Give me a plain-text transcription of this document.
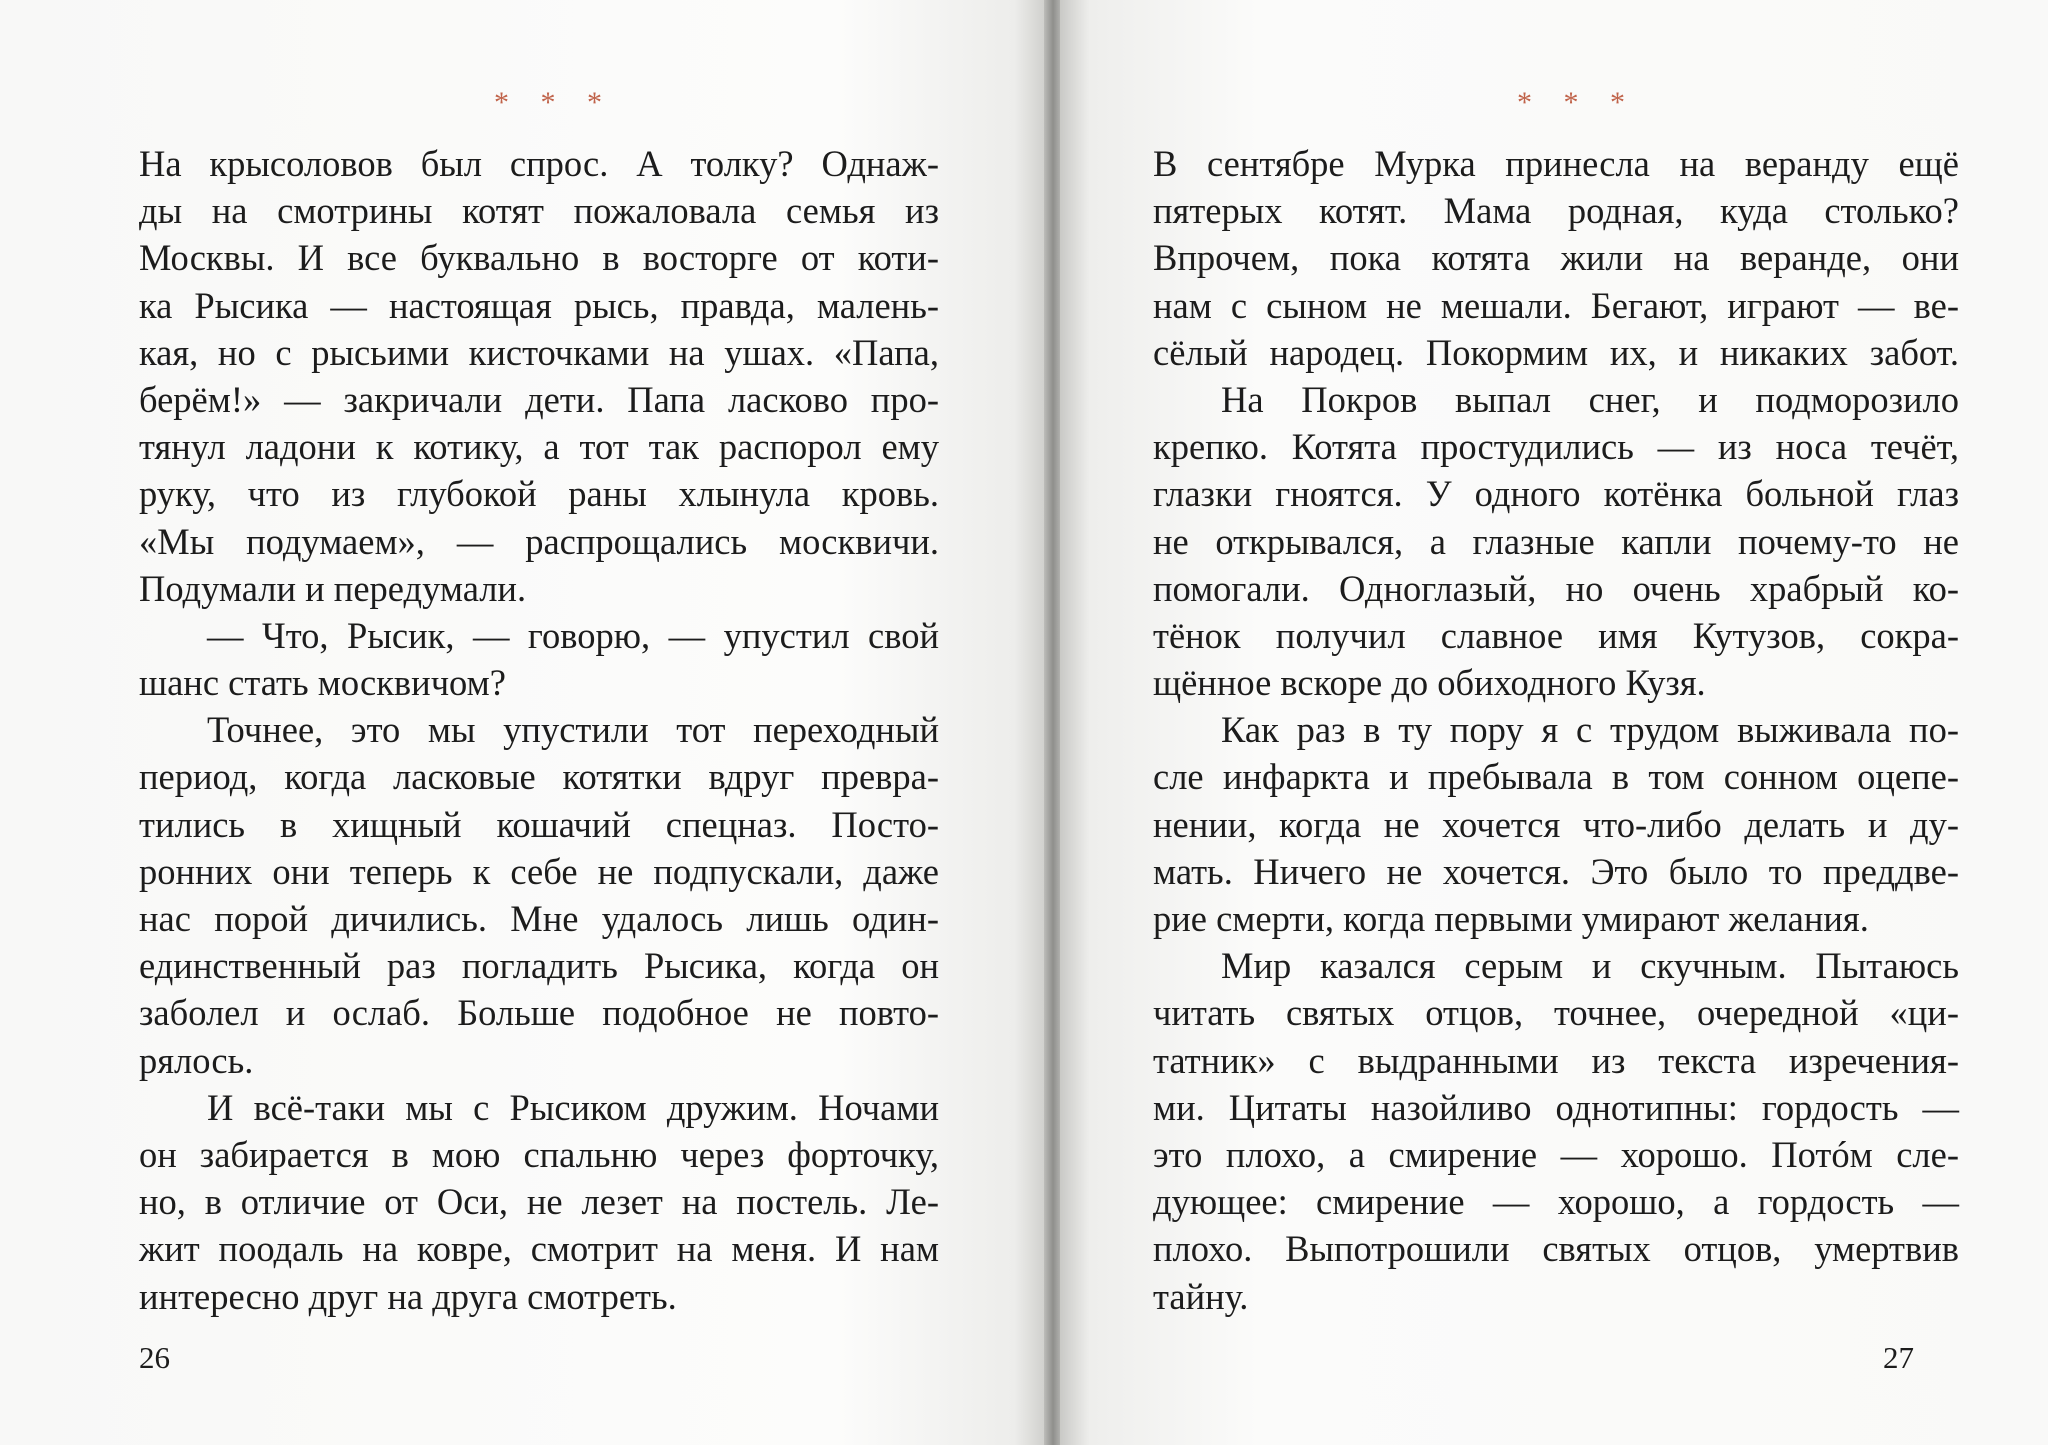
* * *
На крысоловов был спрос. А толку? Однаж-
ды на смотрины котят пожаловала семья из
Москвы. И все буквально в восторге от коти-
ка Рысика — настоящая рысь, правда, малень-
кая, но с рысьими кисточками на ушах. «Папа,
берём!» — закричали дети. Папа ласково про-
тянул ладони к котику, а тот так распорол ему
руку, что из глубокой раны хлынула кровь.
«Мы подумаем», — распрощались москвичи.
Подумали и передумали.
— Что, Рысик, — говорю, — упустил свой
шанс стать москвичом?
Точнее, это мы упустили тот переходный
период, когда ласковые котятки вдруг превра-
тились в хищный кошачий спецназ. Посто-
ронних они теперь к себе не подпускали, даже
нас порой дичились. Мне удалось лишь один-
единственный раз погладить Рысика, когда он
заболел и ослаб. Больше подобное не повто-
рялось.
И всё-таки мы с Рысиком дружим. Ночами
он забирается в мою спальню через форточку,
но, в отличие от Оси, не лезет на постель. Ле-
жит поодаль на ковре, смотрит на меня. И нам
интересно друг на друга смотреть.
26
* * *
В сентябре Мурка принесла на веранду ещё
пятерых котят. Мама родная, куда столько?
Впрочем, пока котята жили на веранде, они
нам с сыном не мешали. Бегают, играют — ве-
сёлый народец. Покормим их, и никаких забот.
На Покров выпал снег, и подморозило
крепко. Котята простудились — из носа течёт,
глазки гноятся. У одного котёнка больной глаз
не открывался, а глазные капли почему-то не
помогали. Одноглазый, но очень храбрый ко-
тёнок получил славное имя Кутузов, сокра-
щённое вскоре до обиходного Кузя.
Как раз в ту пору я с трудом выживала по-
сле инфаркта и пребывала в том сонном оцепе-
нении, когда не хочется что-либо делать и ду-
мать. Ничего не хочется. Это было то преддве-
рие смерти, когда первыми умирают желания.
Мир казался серым и скучным. Пытаюсь
читать святых отцов, точнее, очередной «ци-
татник» с выдранными из текста изречения-
ми. Цитаты назойливо однотипны: гордость —
это плохо, а смирение — хорошо. Потóм сле-
дующее: смирение — хорошо, а гордость —
плохо. Выпотрошили святых отцов, умертвив
тайну.
27
